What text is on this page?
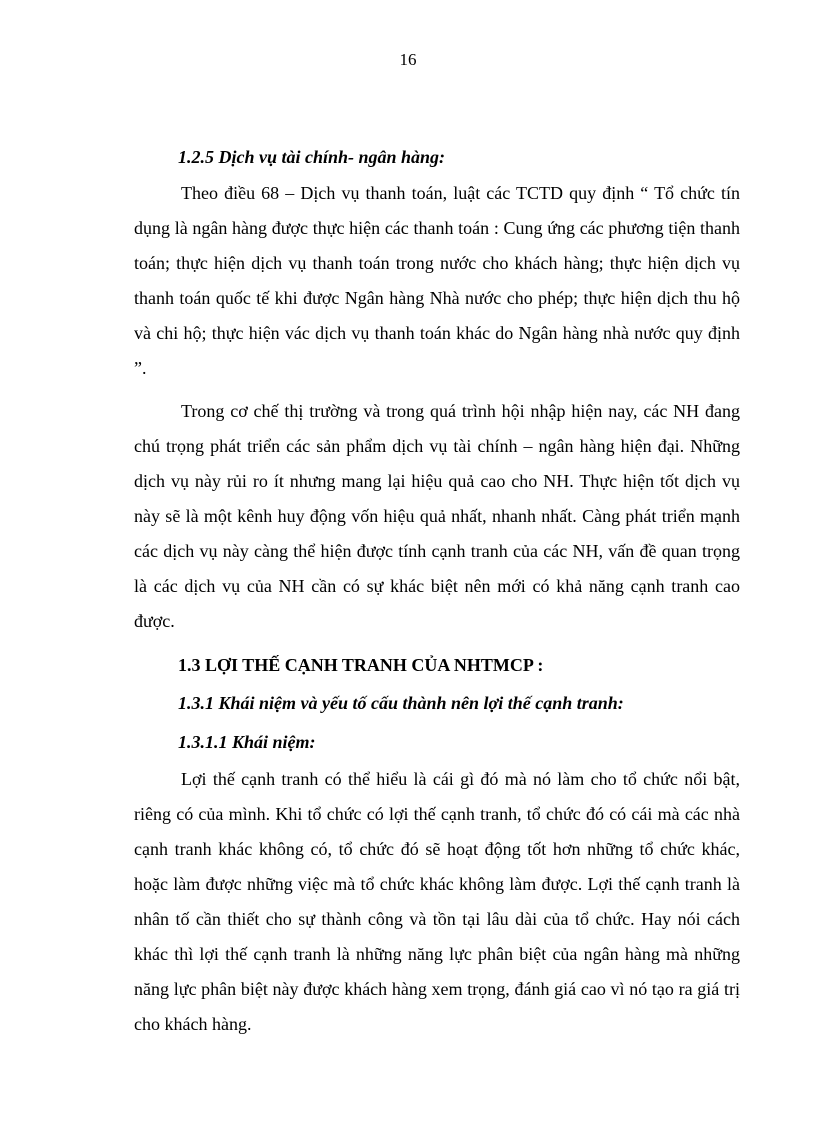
16
1.2.5 Dịch vụ tài chính- ngân hàng:
Theo điều 68 – Dịch vụ thanh toán, luật các TCTD quy định “ Tổ chức tín
dụng là ngân hàng được thực hiện các thanh toán : Cung ứng các phương tiện thanh
toán; thực hiện dịch vụ thanh toán trong nước cho khách hàng; thực hiện dịch vụ
thanh toán quốc tế khi được Ngân hàng Nhà nước cho phép; thực hiện dịch thu hộ
và chi hộ; thực hiện vác dịch vụ thanh toán khác do Ngân hàng nhà nước quy định
”.
Trong cơ chế thị trường và trong quá trình hội nhập hiện nay, các NH đang
chú trọng phát triển các sản phẩm dịch vụ tài chính – ngân hàng hiện đại. Những
dịch vụ này rủi ro ít nhưng mang lại hiệu quả cao cho NH. Thực hiện tốt dịch vụ
này sẽ là một kênh huy động vốn hiệu quả nhất, nhanh nhất. Càng phát triển mạnh
các dịch vụ này càng thể hiện được tính cạnh tranh của các NH, vấn đề quan trọng
là các dịch vụ của NH cần có sự khác biệt nên mới có khả năng cạnh tranh cao
được.
1.3 LỢI THẾ CẠNH TRANH CỦA NHTMCP :
1.3.1 Khái niệm và yếu tố cấu thành nên lợi thế cạnh tranh:
1.3.1.1 Khái niệm:
Lợi thế cạnh tranh có thể hiểu là cái gì đó mà nó làm cho tổ chức nổi bật,
riêng có của mình. Khi tổ chức có lợi thế cạnh tranh, tổ chức đó có cái mà các nhà
cạnh tranh khác không có, tổ chức đó sẽ hoạt động tốt hơn những tổ chức khác,
hoặc làm được những việc mà tổ chức khác không làm được. Lợi thế cạnh tranh là
nhân tố cần thiết cho sự thành công và tồn tại lâu dài của tổ chức. Hay nói cách
khác thì lợi thế cạnh tranh là những năng lực phân biệt của ngân hàng mà những
năng lực phân biệt này được khách hàng xem trọng, đánh giá cao vì nó tạo ra giá trị
cho khách hàng.
